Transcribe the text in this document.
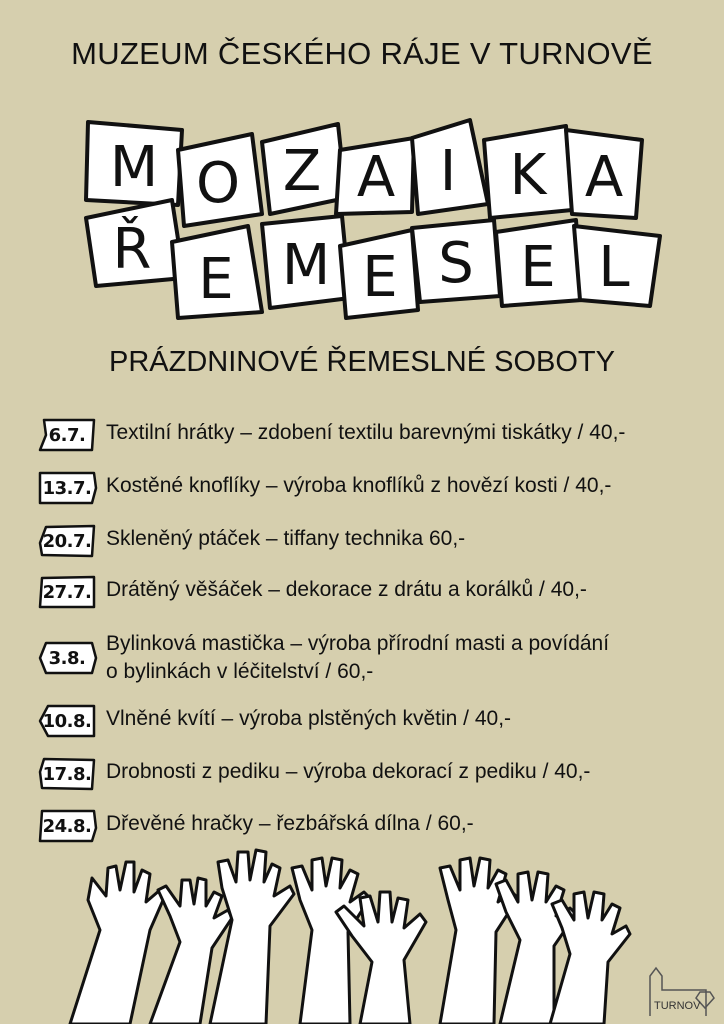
MUZEUM ČESKÉHO RÁJE V TURNOVĚ
M O Z A I K A
Ř E M E S E L
PRÁZDNINOVÉ ŘEMESLNÉ SOBOTY
6.7. Textilní hrátky – zdobení textilu barevnými tiskátky / 40,-
13.7. Kostěné knoflíky – výroba knoflíků z hovězí kosti / 40,-
20.7. Skleněný ptáček – tiffany technika 60,-
27.7. Drátěný věšáček – dekorace z drátu a korálků / 40,-
3.8.
Bylinková mastička – výroba přírodní masti a povídání
o bylinkách v léčitelství / 60,-
10.8. Vlněné kvítí – výroba plstěných květin / 40,-
17.8. Drobnosti z pediku – výroba dekorací z pediku / 40,-
24.8. Dřevěné hračky – řezbářská dílna / 60,-
TURNOV
